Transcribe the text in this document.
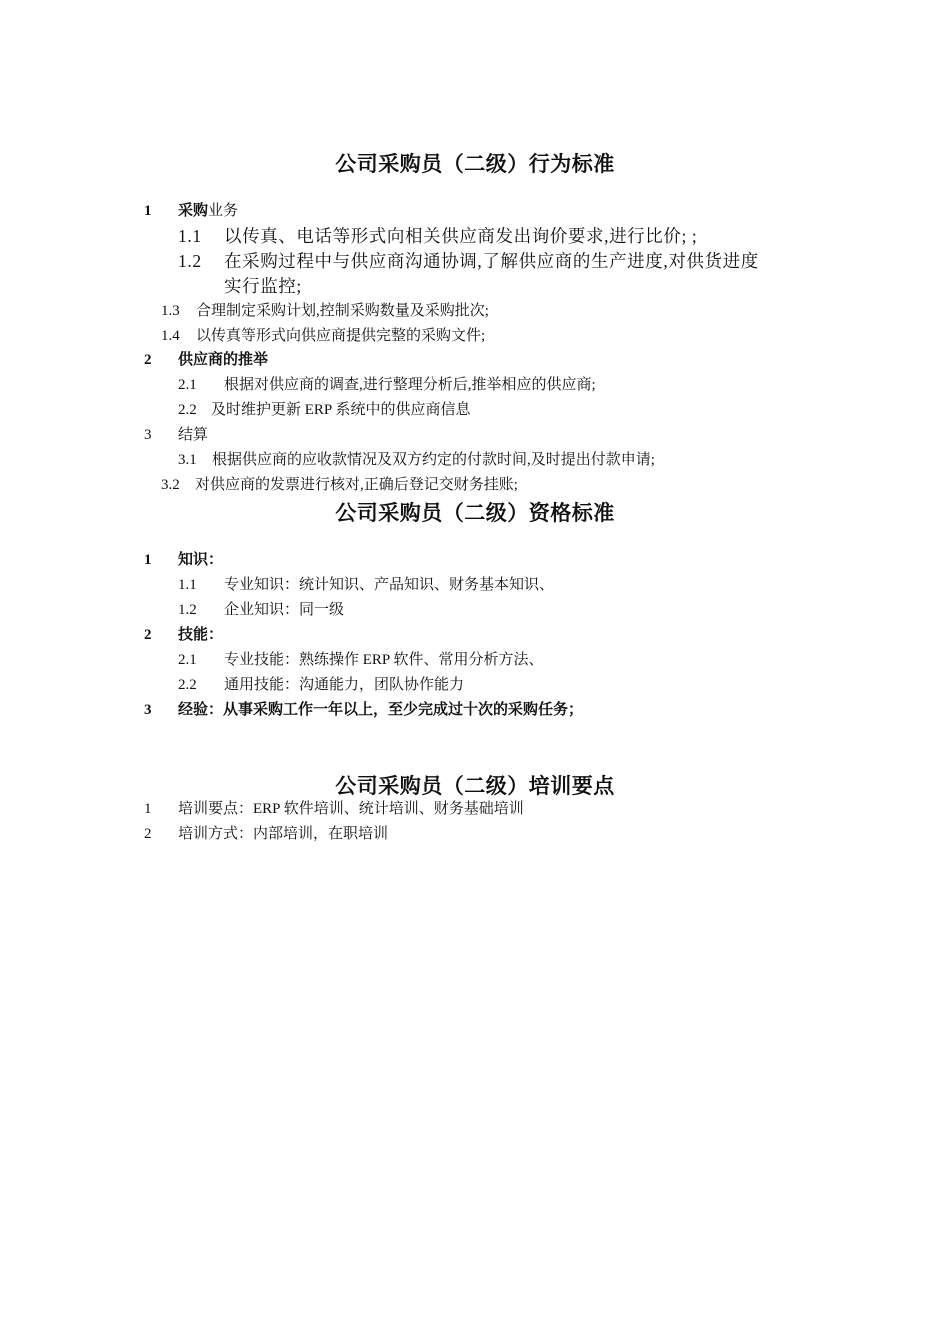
公司采购员（二级）行为标准
1 采购业务
1.1 以传真、电话等形式向相关供应商发出询价要求,进行比价; ;
1.2 在采购过程中与供应商沟通协调,了解供应商的生产进度,对供货进度
实行监控;
1.3 合理制定采购计划,控制采购数量及采购批次;
1.4 以传真等形式向供应商提供完整的采购文件;
2 供应商的推举
2.1 根据对供应商的调查,进行整理分析后,推举相应的供应商;
2.2 及时维护更新 ERP 系统中的供应商信息
3 结算
3.1 根据供应商的应收款情况及双方约定的付款时间,及时提出付款申请;
3.2 对供应商的发票进行核对,正确后登记交财务挂账;
公司采购员（二级）资格标准
1 知识：
1.1 专业知识：统计知识、产品知识、财务基本知识、
1.2 企业知识：同一级
2 技能：
2.1 专业技能：熟练操作 ERP 软件、常用分析方法、
2.2 通用技能：沟通能力，团队协作能力
3 经验：从事采购工作一年以上，至少完成过十次的采购任务；
公司采购员（二级）培训要点
1 培训要点：ERP 软件培训、统计培训、财务基础培训
2 培训方式：内部培训，在职培训
